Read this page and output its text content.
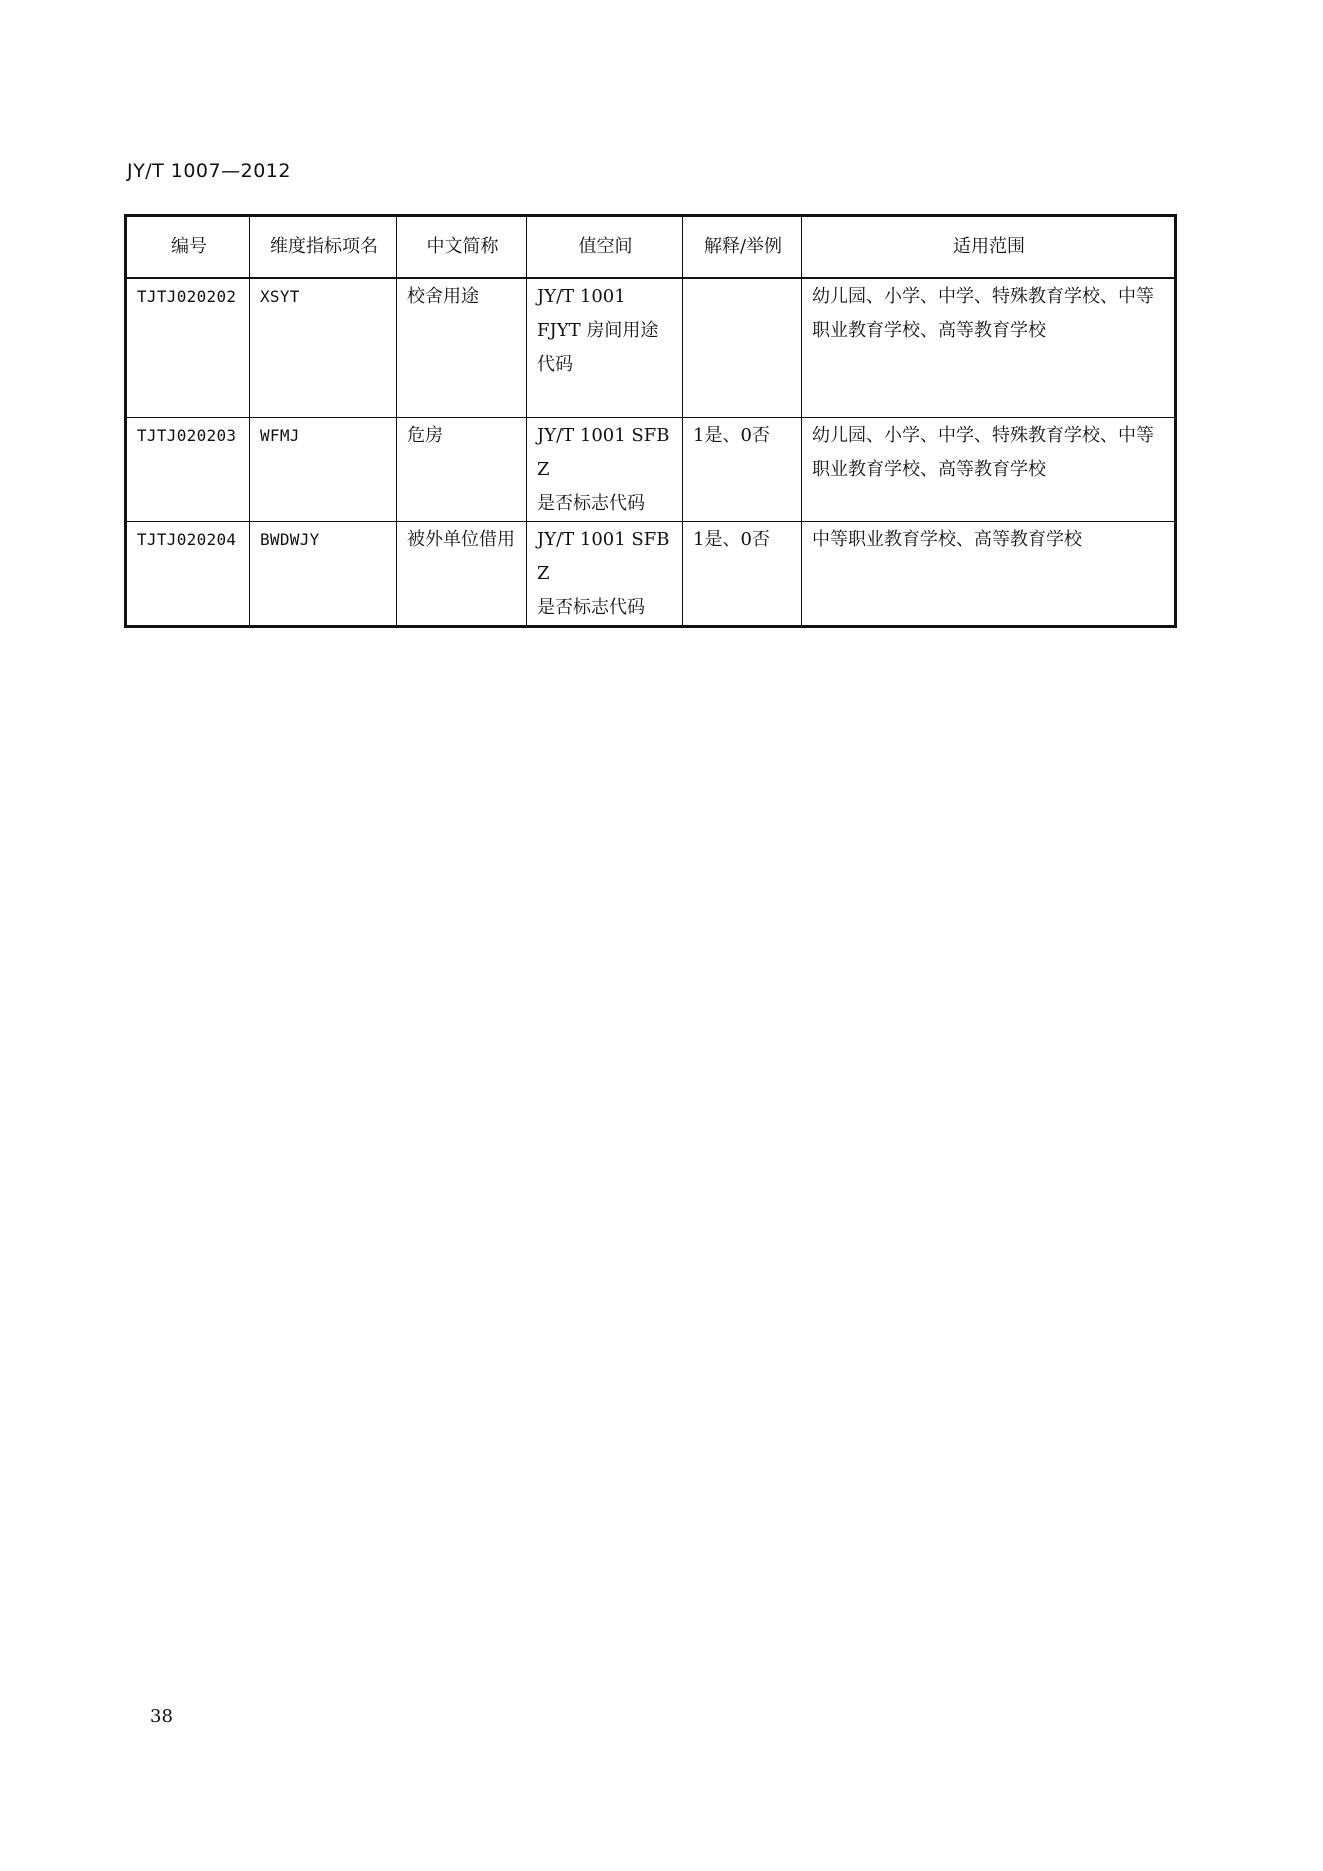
JY/T 1007—2012
编号	维度指标项名	中文简称	值空间	解释/举例	适用范围
TJTJ020202	XSYT	校舍用途	JY/T 1001
FJYT 房间用途
代码		幼儿园、小学、中学、特殊教育学校、中等职业教育学校、高等教育学校
TJTJ020203	WFMJ	危房	JY/T 1001 SFBZ
是否标志代码	1是、0否	幼儿园、小学、中学、特殊教育学校、中等职业教育学校、高等教育学校
TJTJ020204	BWDWJY	被外单位借用	JY/T 1001 SFBZ
是否标志代码	1是、0否	中等职业教育学校、高等教育学校
38
